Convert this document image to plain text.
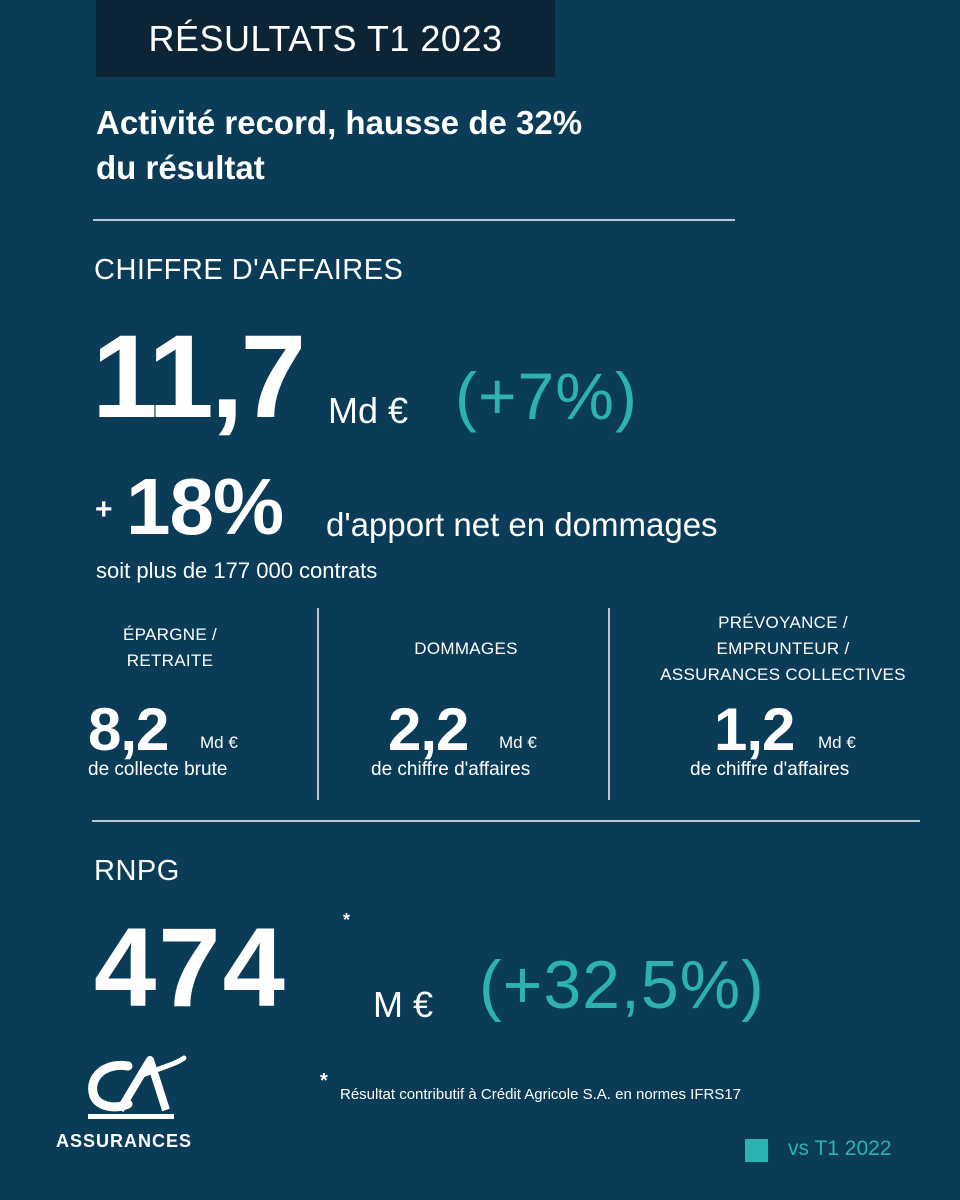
RÉSULTATS T1 2023
Activité record, hausse de 32%
du résultat
CHIFFRE D'AFFAIRES
11,7 Md € (+7%)
+ 18% d'apport net en dommages
soit plus de 177 000 contrats
ÉPARGNE /
RETRAITE
8,2 Md €
de collecte brute
DOMMAGES
2,2 Md €
de chiffre d'affaires
PRÉVOYANCE /
EMPRUNTEUR /
ASSURANCES COLLECTIVES
1,2 Md €
de chiffre d'affaires
RNPG
474	*
M € (+32,5%)
ASSURANCES
*
Résultat contributif à Crédit Agricole S.A. en normes IFRS17
vs T1 2022
